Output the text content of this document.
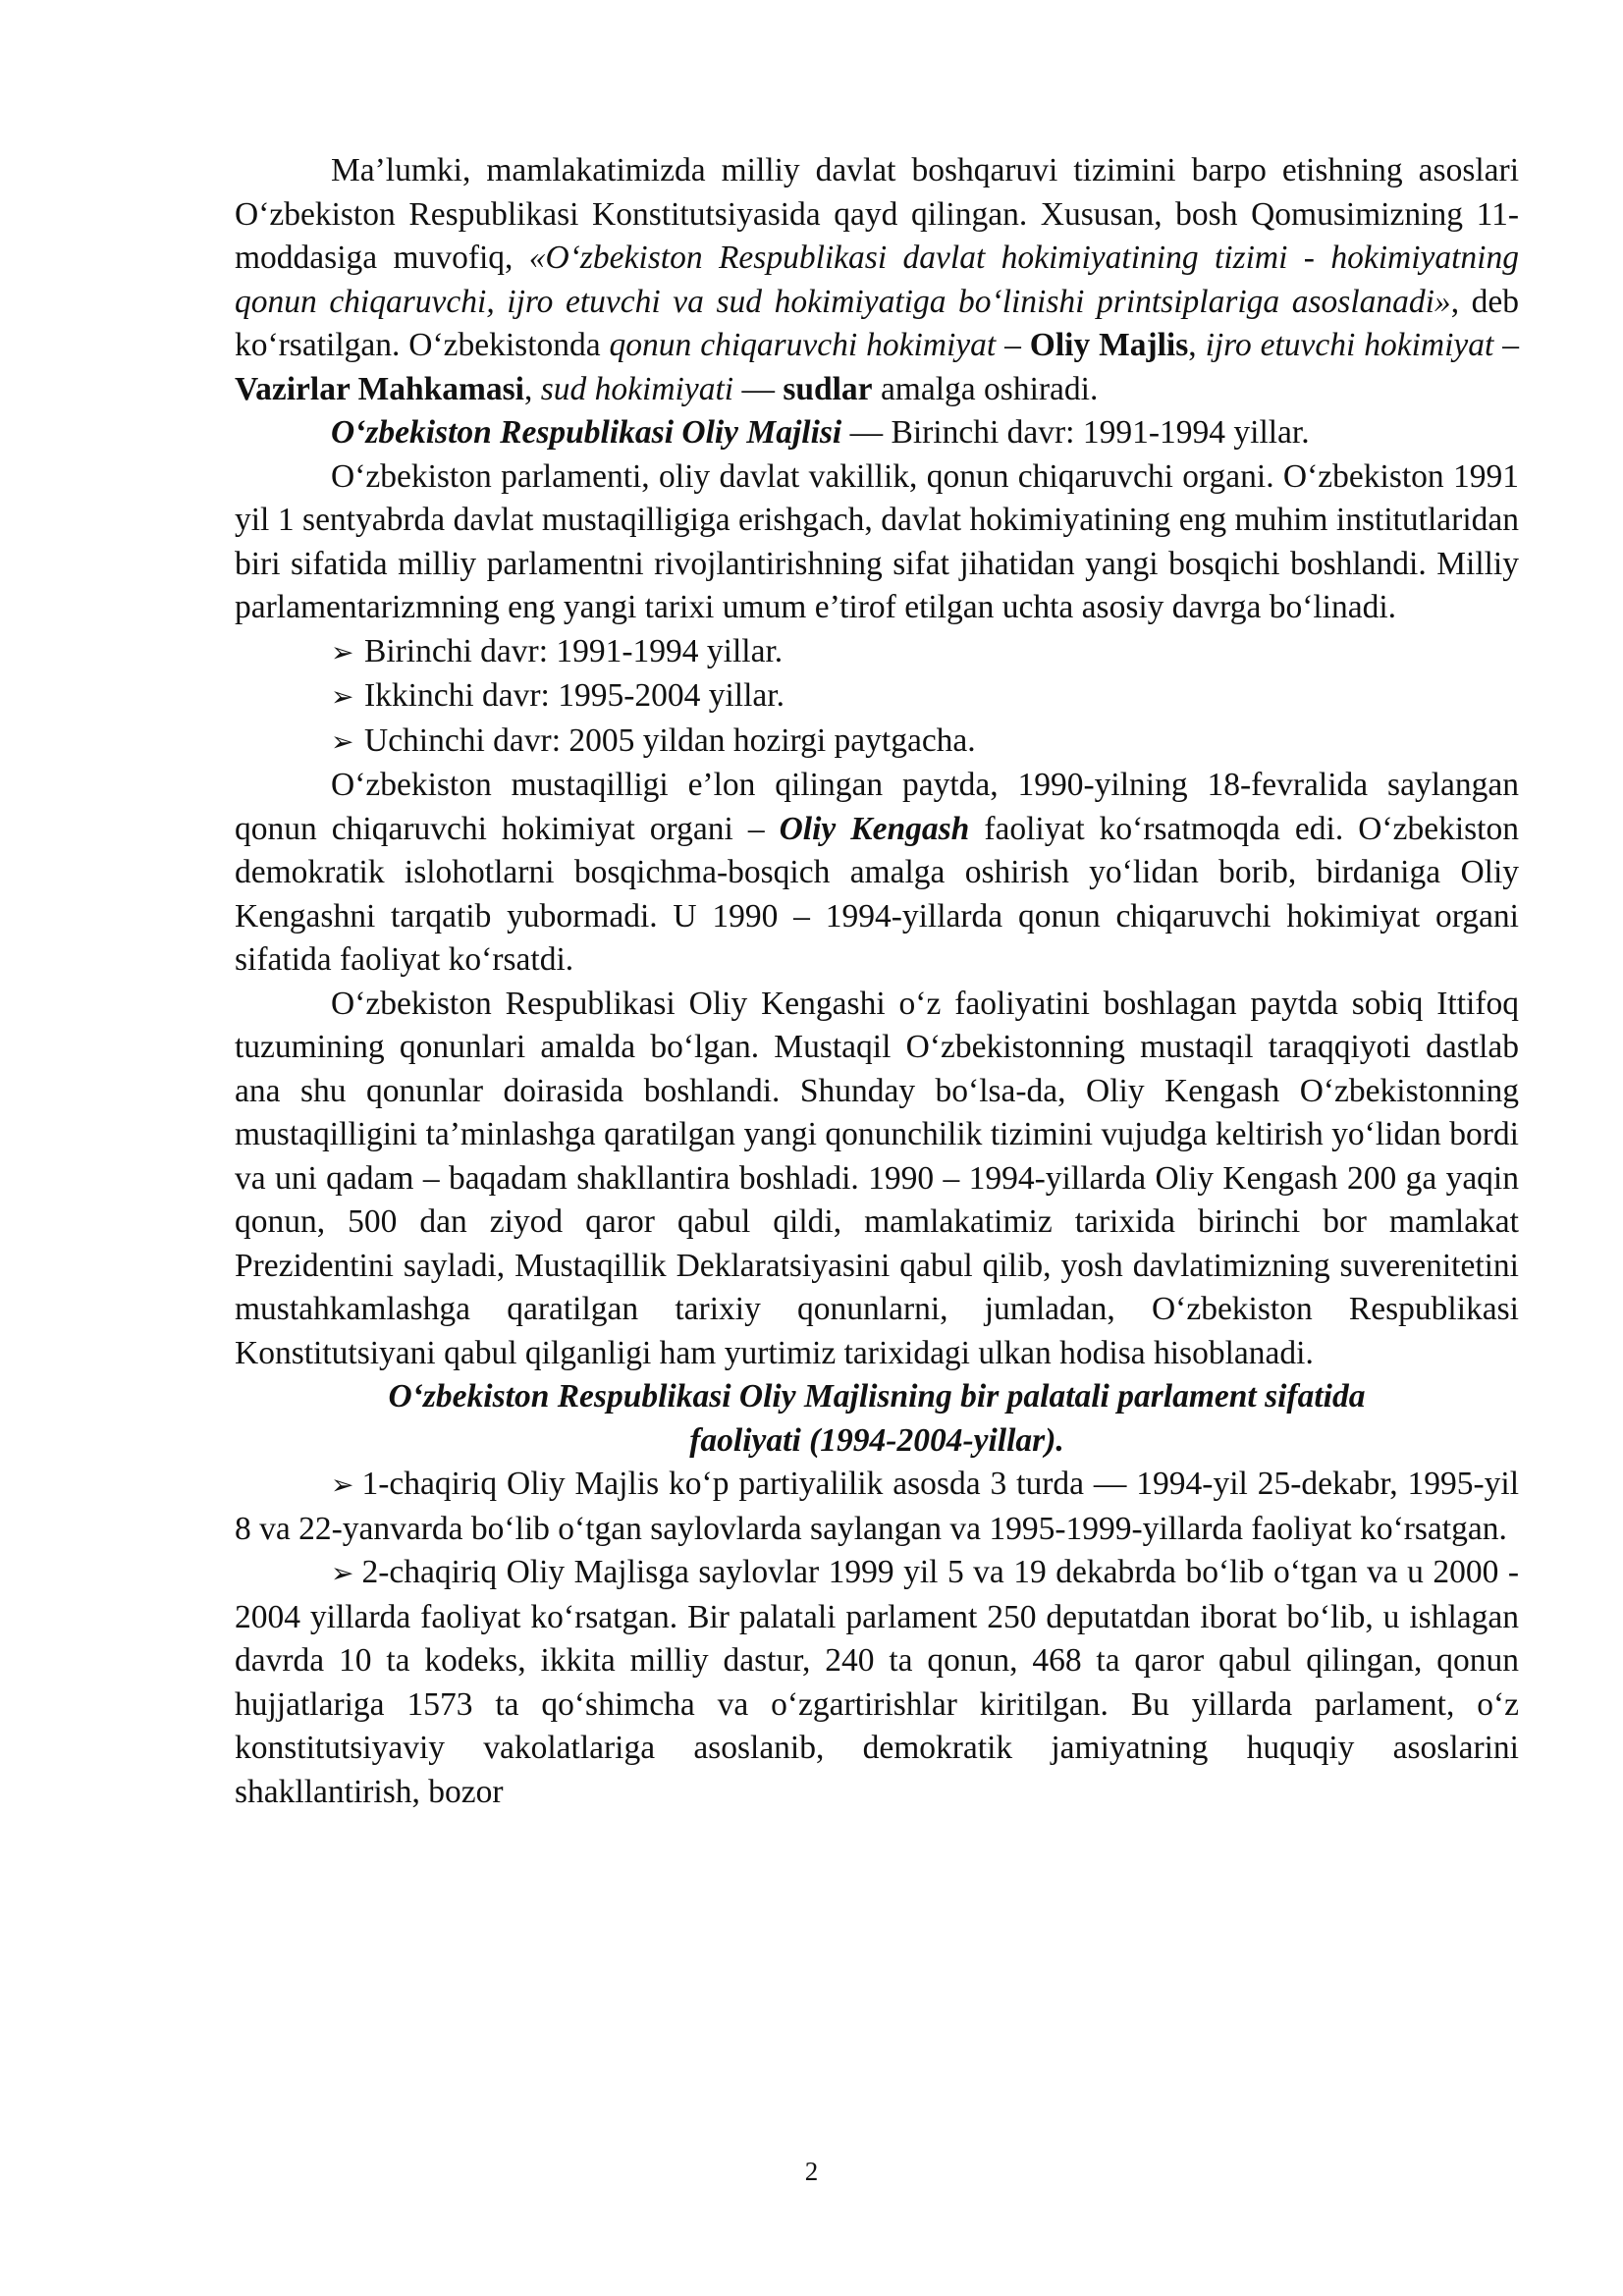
Ma’lumki, mamlakatimizda milliy davlat boshqaruvi tizimini barpo etishning asoslari O‘zbekiston Respublikasi Konstitutsiyasida qayd qilingan. Xususan, bosh Qomusimizning 11-moddasiga muvofiq, «O‘zbekiston Respublikasi davlat hokimiyatining tizimi - hokimiyatning qonun chiqaruvchi, ijro etuvchi va sud hokimiyatiga bo‘linishi printsiplariga asoslanadi», deb ko‘rsatilgan. O‘zbekistonda qonun chiqaruvchi hokimiyat – Oliy Majlis, ijro etuvchi hokimiyat – Vazirlar Mahkamasi, sud hokimiyati — sudlar amalga oshiradi.

O‘zbekiston Respublikasi Oliy Majlisi — Birinchi davr: 1991-1994 yillar.

O‘zbekiston parlamenti, oliy davlat vakillik, qonun chiqaruvchi organi. O‘zbekiston 1991 yil 1 sentyabrda davlat mustaqilligiga erishgach, davlat hokimiyatining eng muhim institutlaridan biri sifatida milliy parlamentni rivojlantirishning sifat jihatidan yangi bosqichi boshlandi. Milliy parlamentarizmning eng yangi tarixi umum e’tirof etilgan uchta asosiy davrga bo‘linadi.

➢ Birinchi davr: 1991-1994 yillar.
➢ Ikkinchi davr: 1995-2004 yillar.
➢ Uchinchi davr: 2005 yildan hozirgi paytgacha.

O‘zbekiston mustaqilligi e’lon qilingan paytda, 1990-yilning 18-fevralida saylangan qonun chiqaruvchi hokimiyat organi – Oliy Kengash faoliyat ko‘rsatmoqda edi. O‘zbekiston demokratik islohotlarni bosqichma-bosqich amalga oshirish yo‘lidan borib, birdaniga Oliy Kengashni tarqatib yubormadi. U 1990 – 1994-yillarda qonun chiqaruvchi hokimiyat organi sifatida faoliyat ko‘rsatdi.

O‘zbekiston Respublikasi Oliy Kengashi o‘z faoliyatini boshlagan paytda sobiq Ittifoq tuzumining qonunlari amalda bo‘lgan. Mustaqil O‘zbekistonning mustaqil taraqqiyoti dastlab ana shu qonunlar doirasida boshlandi. Shunday bo‘lsa-da, Oliy Kengash O‘zbekistonning mustaqilligini ta’minlashga qaratilgan yangi qonunchilik tizimini vujudga keltirish yo‘lidan bordi va uni qadam – baqadam shakllantira boshladi. 1990 – 1994-yillarda Oliy Kengash 200 ga yaqin qonun, 500 dan ziyod qaror qabul qildi, mamlakatimiz tarixida birinchi bor mamlakat Prezidentini sayladi, Mustaqillik Deklaratsiyasini qabul qilib, yosh davlatimizning suverenitetini mustahkamlashga qaratilgan tarixiy qonunlarni, jumladan, O‘zbekiston Respublikasi Konstitutsiyani qabul qilganligi ham yurtimiz tarixidagi ulkan hodisa hisoblanadi.

O‘zbekiston Respublikasi Oliy Majlisning bir palatali parlament sifatida
faoliyati (1994-2004-yillar).

➢ 1-chaqiriq Oliy Majlis ko‘p partiyalilik asosda 3 turda — 1994-yil 25-dekabr, 1995-yil 8 va 22-yanvarda bo‘lib o‘tgan saylovlarda saylangan va 1995-1999-yillarda faoliyat ko‘rsatgan.

➢ 2-chaqiriq Oliy Majlisga saylovlar 1999 yil 5 va 19 dekabrda bo‘lib o‘tgan va u 2000 - 2004 yillarda faoliyat ko‘rsatgan. Bir palatali parlament 250 deputatdan iborat bo‘lib, u ishlagan davrda 10 ta kodeks, ikkita milliy dastur, 240 ta qonun, 468 ta qaror qabul qilingan, qonun hujjatlariga 1573 ta qo‘shimcha va o‘zgartirishlar kiritilgan. Bu yillarda parlament, o‘z konstitutsiyaviy vakolatlariga asoslanib, demokratik jamiyatning huquqiy asoslarini shakllantirish, bozor

2
